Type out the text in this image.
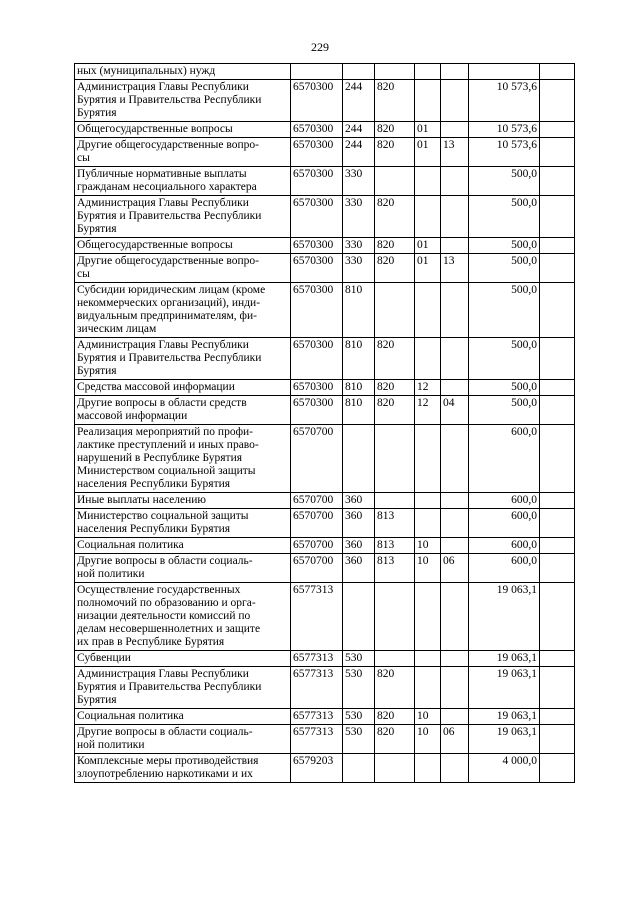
229
ных (муниципальных) нужд							
Администрация Главы Республики
Бурятия и Правительства Республики
Бурятия	6570300	244	820			10 573,6	
Общегосударственные вопросы	6570300	244	820	01		10 573,6	
Другие общегосударственные вопро-
сы	6570300	244	820	01	13	10 573,6	
Публичные нормативные выплаты
гражданам несоциального характера	6570300	330				500,0	
Администрация Главы Республики
Бурятия и Правительства Республики
Бурятия	6570300	330	820			500,0	
Общегосударственные вопросы	6570300	330	820	01		500,0	
Другие общегосударственные вопро-
сы	6570300	330	820	01	13	500,0	
Субсидии юридическим лицам (кроме
некоммерческих организаций), инди-
видуальным предпринимателям, фи-
зическим лицам	6570300	810				500,0	
Администрация Главы Республики
Бурятия и Правительства Республики
Бурятия	6570300	810	820			500,0	
Средства массовой информации	6570300	810	820	12		500,0	
Другие вопросы в области средств
массовой информации	6570300	810	820	12	04	500,0	
Реализация мероприятий по профи-
лактике преступлений и иных право-
нарушений в Республике Бурятия
Министерством социальной защиты
населения Республики Бурятия	6570700					600,0	
Иные выплаты населению	6570700	360				600,0	
Министерство социальной защиты
населения Республики Бурятия	6570700	360	813			600,0	
Социальная политика	6570700	360	813	10		600,0	
Другие вопросы в области социаль-
ной политики	6570700	360	813	10	06	600,0	
Осуществление государственных
полномочий по образованию и орга-
низации деятельности комиссий по
делам несовершеннолетних и защите
их прав в Республике Бурятия	6577313					19 063,1	
Субвенции	6577313	530				19 063,1	
Администрация Главы Республики
Бурятия и Правительства Республики
Бурятия	6577313	530	820			19 063,1	
Социальная политика	6577313	530	820	10		19 063,1	
Другие вопросы в области социаль-
ной политики	6577313	530	820	10	06	19 063,1	
Комплексные меры противодействия
злоупотреблению наркотиками и их	6579203					4 000,0	
